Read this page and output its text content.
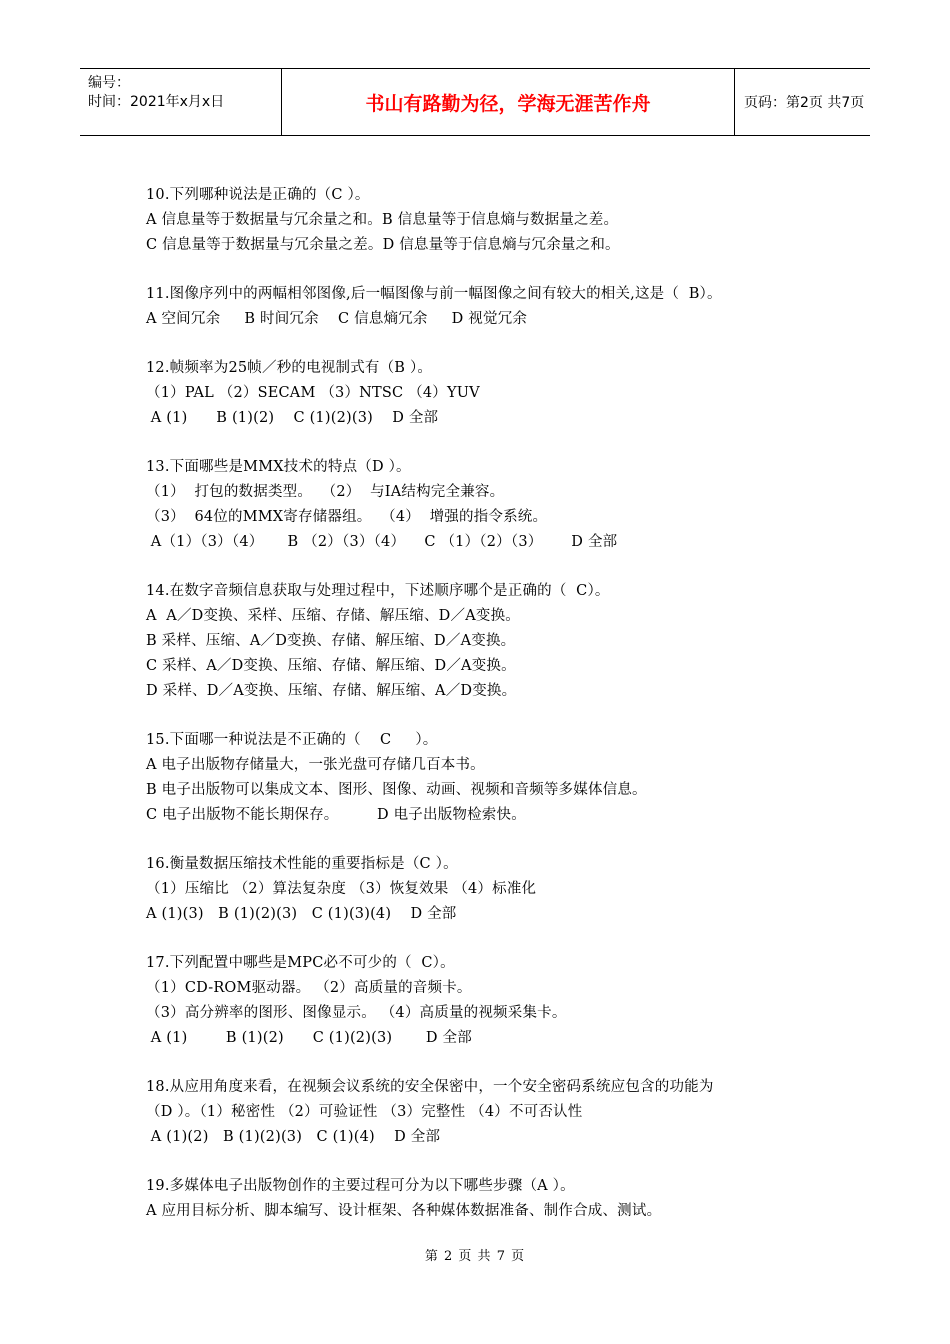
编号：
时间：2021年x月x日	书山有路勤为径，学海无涯苦作舟	页码：第2页 共7页
10.下列哪种说法是正确的（C ）。
A 信息量等于数据量与冗余量之和。B 信息量等于信息熵与数据量之差。
C 信息量等于数据量与冗余量之差。D 信息量等于信息熵与冗余量之和。
11.图像序列中的两幅相邻图像,后一幅图像与前一幅图像之间有较大的相关,这是（  B）。
A 空间冗余     B 时间冗余    C 信息熵冗余     D 视觉冗余
12.帧频率为25帧／秒的电视制式有（B ）。
（1）PAL （2）SECAM （3）NTSC （4）YUV
A (1)      B (1)(2)    C (1)(2)(3)    D 全部
13.下面哪些是MMX技术的特点（D ）。
（1）  打包的数据类型。  （2）  与IA结构完全兼容。
（3）  64位的MMX寄存储器组。  （4）  增强的指令系统。
A（1）（3）（4）     B （2）（3）（4）    C （1）（2）（3）      D 全部
14.在数字音频信息获取与处理过程中，下述顺序哪个是正确的（  C）。
A  A／D变换、采样、压缩、存储、解压缩、D／A变换。
B 采样、压缩、A／D变换、存储、解压缩、D／A变换。
C 采样、A／D变换、压缩、存储、解压缩、D／A变换。
D 采样、D／A变换、压缩、存储、解压缩、A／D变换。
15.下面哪一种说法是不正确的（    C     ）。
A 电子出版物存储量大，一张光盘可存储几百本书。
B 电子出版物可以集成文本、图形、图像、动画、视频和音频等多媒体信息。
C 电子出版物不能长期保存。        D 电子出版物检索快。
16.衡量数据压缩技术性能的重要指标是（C ）。
（1）压缩比 （2）算法复杂度 （3）恢复效果 （4）标准化
A (1)(3)   B (1)(2)(3)   C (1)(3)(4)    D 全部
17.下列配置中哪些是MPC必不可少的（  C）。
（1）CD-ROM驱动器。 （2）高质量的音频卡。
（3）高分辨率的图形、图像显示。 （4）高质量的视频采集卡。
A (1)        B (1)(2)      C (1)(2)(3)       D 全部
18.从应用角度来看，在视频会议系统的安全保密中，一个安全密码系统应包含的功能为
（D ）。（1）秘密性 （2）可验证性 （3）完整性 （4）不可否认性
A (1)(2)   B (1)(2)(3)   C (1)(4)    D 全部
19.多媒体电子出版物创作的主要过程可分为以下哪些步骤（A ）。
A 应用目标分析、脚本编写、设计框架、各种媒体数据准备、制作合成、测试。
第 2 页 共 7 页
